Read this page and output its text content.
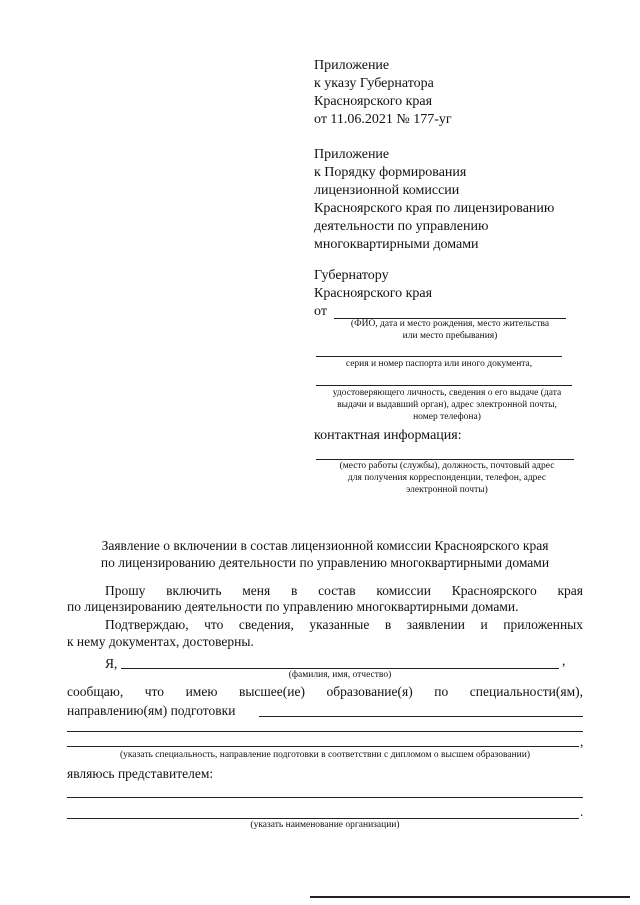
Приложение
к указу Губернатора
Красноярского края
от 11.06.2021 № 177-уг
Приложение
к Порядку формирования
лицензионной комиссии
Красноярского края по лицензированию
деятельности по управлению
многоквартирными домами
Губернатору
Красноярского края
от
(ФИО, дата и место рождения, место жительства
или место пребывания)
серия и номер паспорта или иного документа,
удостоверяющего личность, сведения о его выдаче (дата
выдачи и выдавший орган), адрес электронной почты,
номер телефона)
контактная информация:
(место работы (службы), должность, почтовый адрес
для получения корреспонденции, телефон, адрес
электронной почты)
Заявление о включении в состав лицензионной комиссии Красноярского края
по лицензированию деятельности по управлению многоквартирными домами
Прошу включить меня в состав комиссии Красноярского края
по лицензированию деятельности по управлению многоквартирными домами.
Подтверждаю, что сведения, указанные в заявлении и приложенных
к нему документах, достоверны.
Я,	,
(фамилия, имя, отчество)
сообщаю, что имею высшее(ие) образование(я) по специальности(ям),
направлению(ям) подготовки
,
(указать специальность, направление подготовки в соответствии с дипломом о высшем образовании)
являюсь представителем:
.
(указать наименование организации)
